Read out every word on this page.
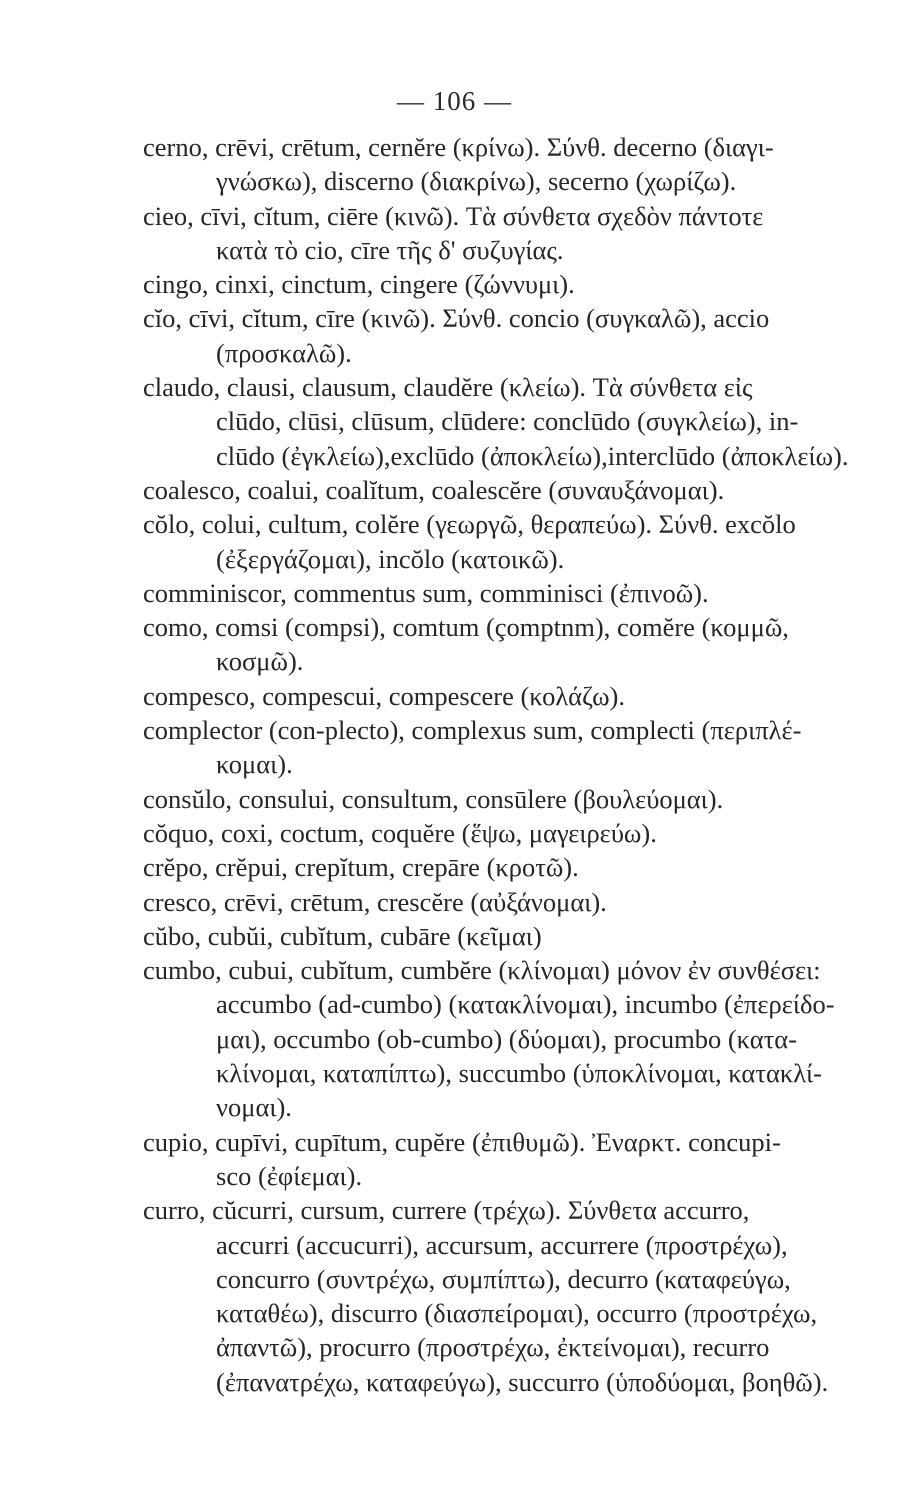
— 106 —
cerno, crēvi, crētum, cernĕre (κρίνω). Σύνθ. decerno (διαγι-
γνώσκω), discerno (διακρίνω), secerno (χωρίζω).
cieo, cīvi, cĭtum, ciēre (κινῶ). Τὰ σύνθετα σχεδὸν πάντοτε
κατὰ τὸ cio, cīre τῆς δ' συζυγίας.
cingo, cinxi, cinctum, cingere (ζώννυμι).
cĭo, cīvi, cĭtum, cīre (κινῶ). Σύνθ. concio (συγκαλῶ), accio
(προσκαλῶ).
claudo, clausi, clausum, claudĕre (κλείω). Τὰ σύνθετα εἰς
clūdo, clūsi, clūsum, clūdere: conclūdo (συγκλείω), in-
clūdo (ἐγκλείω),exclūdo (ἀποκλείω),interclūdo (ἀποκλείω).
coalesco, coalui, coalĭtum, coalescĕre (συναυξάνομαι).
cŏlo, colui, cultum, colĕre (γεωργῶ, θεραπεύω). Σύνθ. excŏlo
(ἐξεργάζομαι), incŏlo (κατοικῶ).
comminiscor, commentus sum, comminisci (ἐπινοῶ).
como, comsi (compsi), comtum (çomptnm), comĕre (κομμῶ,
κοσμῶ).
compesco, compescui, compescere (κολάζω).
complector (con-plecto), complexus sum, complecti (περιπλέ-
κομαι).
consŭlo, consului, consultum, consūlere (βουλεύομαι).
cŏquo, coxi, coctum, coquĕre (ἕψω, μαγειρεύω).
crĕpo, crĕpui, crepĭtum, crepāre (κροτῶ).
cresco, crēvi, crētum, crescĕre (αὐξάνομαι).
cŭbo, cubŭi, cubĭtum, cubāre (κεῖμαι)
cumbo, cubui, cubĭtum, cumbĕre (κλίνομαι) μόνον ἐν συνθέσει:
accumbo (ad-cumbo) (κατακλίνομαι), incumbo (ἐπερείδο-
μαι), occumbo (ob-cumbo) (δύομαι), procumbo (κατα-
κλίνομαι, καταπίπτω), succumbo (ὑποκλίνομαι, κατακλί-
νομαι).
cupio, cupīvi, cupītum, cupĕre (ἐπιθυμῶ). Ἐναρκτ. concupi-
sco (ἐφίεμαι).
curro, cŭcurri, cursum, currere (τρέχω). Σύνθετα accurro,
accurri (accucurri), accursum, accurrere (προστρέχω),
concurro (συντρέχω, συμπίπτω), decurro (καταφεύγω,
καταθέω), discurro (διασπείρομαι), occurro (προστρέχω,
ἀπαντῶ), procurro (προστρέχω, ἐκτείνομαι), recurro
(ἐπανατρέχω, καταφεύγω), succurro (ὑποδύομαι, βοηθῶ).
